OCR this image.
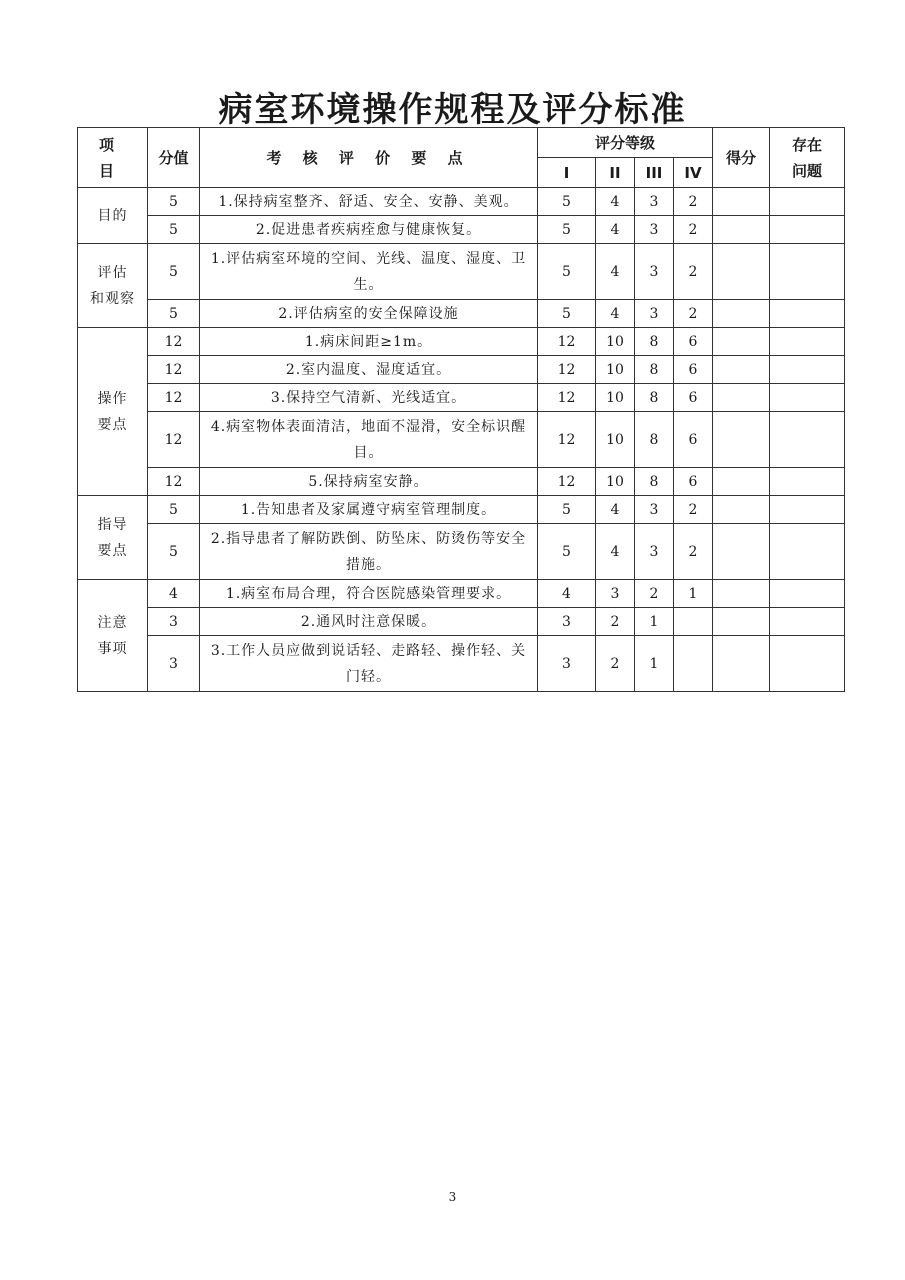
病室环境操作规程及评分标准
项 目	分值	考 核 评 价 要 点	评分等级				得分	存在
问题

			I	II	III	IV		

目的	5	1.保持病室整齐、舒适、安全、安静、美观。	5	4	3	2		
	5	2.促进患者疾病痊愈与健康恢复。	5	4	3	2		

评估
和观察	5	1.评估病室环境的空间、光线、温度、湿度、卫生。	5	4	3	2		
	5	2.评估病室的安全保障设施	5	4	3	2		

操作
要点	12	1.病床间距≥1m。	12	10	8	6		
	12	2.室内温度、湿度适宜。	12	10	8	6		
	12	3.保持空气清新、光线适宜。	12	10	8	6		
	12	4.病室物体表面清洁，地面不湿滑，安全标识醒目。	12	10	8	6		
	12	5.保持病室安静。	12	10	8	6		

指导
要点	5	1.告知患者及家属遵守病室管理制度。	5	4	3	2		
	5	2.指导患者了解防跌倒、防坠床、防烫伤等安全措施。	5	4	3	2		

注意
事项	4	1.病室布局合理，符合医院感染管理要求。	4	3	2	1		
	3	2.通风时注意保暖。	3	2	1			
	3	3.工作人员应做到说话轻、走路轻、操作轻、关门轻。	3	2	1			
3
